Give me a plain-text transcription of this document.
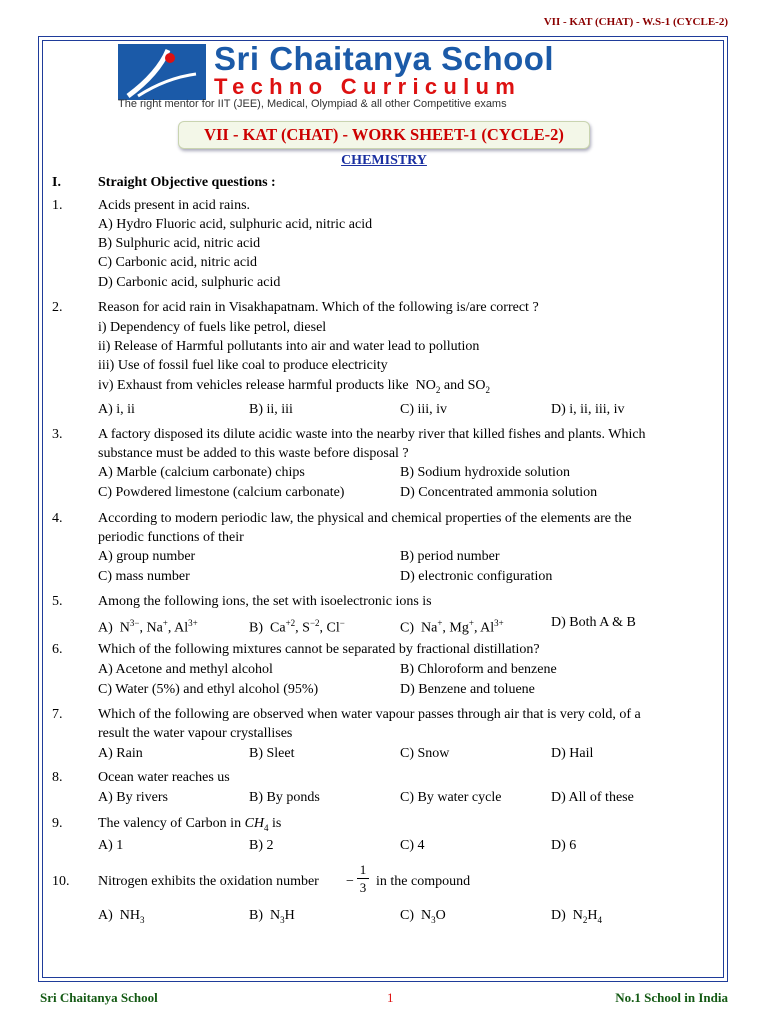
VII - KAT (CHAT) - W.S-1 (CYCLE-2)
Sri Chaitanya School
Techno Curriculum
The right mentor for IIT (JEE), Medical, Olympiad & all other Competitive exams
VII - KAT (CHAT) - WORK SHEET-1 (CYCLE-2)
CHEMISTRY
I.	Straight Objective questions :
1.	Acids present in acid rains.
A) Hydro Fluoric acid, sulphuric acid, nitric acid
B) Sulphuric acid, nitric acid
C) Carbonic acid, nitric acid
D) Carbonic acid, sulphuric acid
2.	Reason for acid rain in Visakhapatnam. Which of the following is/are correct ?
i) Dependency of fuels like petrol, diesel
ii) Release of Harmful pollutants into air and water lead to pollution
iii) Use of fossil fuel like coal to produce electricity
iv) Exhaust from vehicles release harmful products like  $NO_2$ and $SO_2$
A) i, ii	B) ii, iii	C) iii, iv	D) i, ii, iii, iv
3.	A factory disposed its dilute acidic waste into the nearby river that killed fishes and plants. Which
substance must be added to this waste before disposal ?
A) Marble (calcium carbonate) chips	B) Sodium hydroxide solution
C) Powdered limestone (calcium carbonate)	D) Concentrated ammonia solution
4.	According to modern periodic law, the physical and chemical properties of the elements are the
periodic functions of their
A) group number	B) period number
C) mass number	D) electronic configuration
5.	Among the following ions, the set with isoelectronic ions is
A)  $N^{3-}$, Na+, $Al^{3+}$	B)  $Ca^{+2}$, $S^{-2}$, Cl−	C)  Na+, Mg+, $Al^{3+}$	D) Both A & B
6.	Which of the following mixtures cannot be separated by fractional distillation?
A) Acetone and methyl alcohol	B) Chloroform and benzene
C) Water (5%) and ethyl alcohol (95%)	D) Benzene and toluene
7.	Which of the following are observed when water vapour passes through air that is very cold, of a
result the water vapour crystallises
A) Rain	B) Sleet	C) Snow	D) Hail
8.	Ocean water reaches us
A) By rivers	B) By ponds	C) By water cycle	D) All of these
9.	The valency of Carbon in $CH_4$ is
A) 1	B) 2	C) 4	D) 6
10. Nitrogen exhibits the oxidation number −
1
3 in the compound
A)  $NH_3$	B)  $N_3H$	C)  $N_3O$	D)  $N_2H_4$
Sri Chaitanya School	1	No.1 School in India
